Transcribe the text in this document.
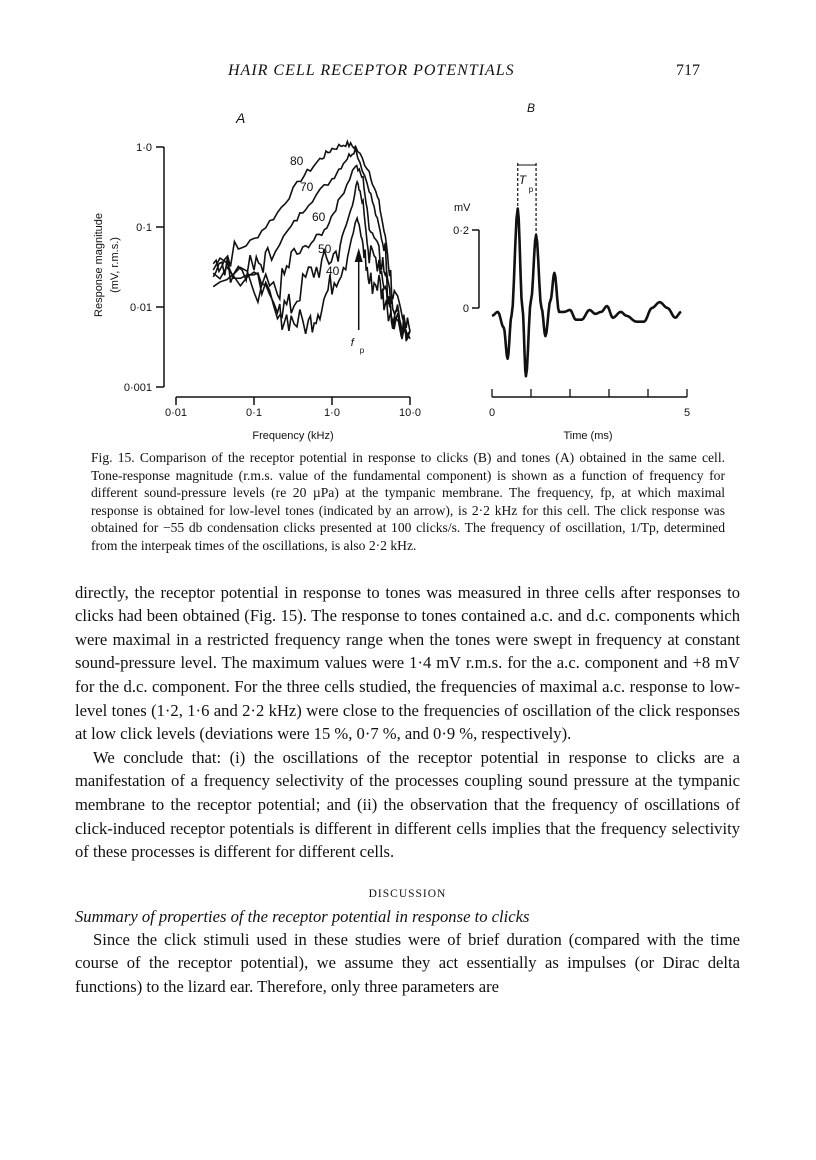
HAIR CELL RECEPTOR POTENTIALS	717
A
B
1·0
0·1
0·01
0·001
0·01	0·1	1·0	10·0
Frequency (kHz)
Response magnitude (mV, r.m.s.)
80
70
60
50
40
f
p
0	5
Time (ms)
0·2
0
mV
T
p

Fig. 15. Comparison of the receptor potential in response to clicks (B) and tones (A) obtained in the same cell. Tone-response magnitude (r.m.s. value of the fundamental component) is shown as a function of frequency for different sound-pressure levels (re 20 µPa) at the tympanic membrane. The frequency, fp, at which maximal response is obtained for low-level tones (indicated by an arrow), is 2·2 kHz for this cell. The click response was obtained for −55 db condensation clicks presented at 100 clicks/s. The frequency of oscillation, 1/Tp, determined from the interpeak times of the oscillations, is also 2·2 kHz.

directly, the receptor potential in response to tones was measured in three cells after responses to clicks had been obtained (Fig. 15). The response to tones contained a.c. and d.c. components which were maximal in a restricted frequency range when the tones were swept in frequency at constant sound-pressure level. The maximum values were 1·4 mV r.m.s. for the a.c. component and +8 mV for the d.c. component. For the three cells studied, the frequencies of maximal a.c. response to low-level tones (1·2, 1·6 and 2·2 kHz) were close to the frequencies of oscillation of the click responses at low click levels (deviations were 15 %, 0·7 %, and 0·9 %, respectively).

We conclude that: (i) the oscillations of the receptor potential in response to clicks are a manifestation of a frequency selectivity of the processes coupling sound pressure at the tympanic membrane to the receptor potential; and (ii) the observation that the frequency of oscillations of click-induced receptor potentials is different in different cells implies that the frequency selectivity of these processes is different for different cells.

DISCUSSION
Summary of properties of the receptor potential in response to clicks

Since the click stimuli used in these studies were of brief duration (compared with the time course of the receptor potential), we assume they act essentially as impulses (or Dirac delta functions) to the lizard ear. Therefore, only three parameters are
